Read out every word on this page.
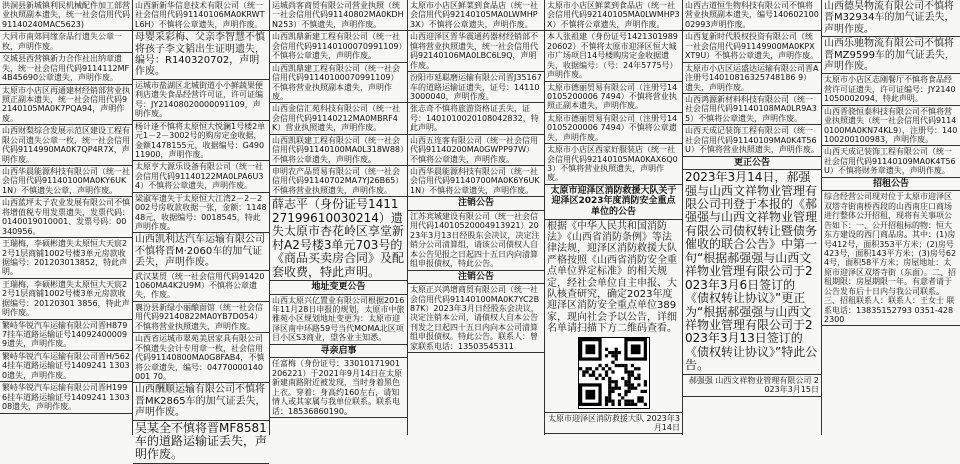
洪洞县新城镇利民机械配件加工部营业执照副本遗失，统一社会信用代码91140240MAC5623)
大同市南郊同缘奈品行遗失公章一枚，声明作废。
交城县西营镇新力合作社出纳章遗失，统一社会信用代码9114112MF4B45690公章遗失，声明作废。
太原市小店区再通建材经销部营业执照正副本遗失，统一社会信用代码92140105MA0K7PQA94，声明作废。
山西财梨综合发展示范区建设工程有限公司遗失公章一枚，统一社会信用代码9114990MA0K7QP4R7X，声明作废。
山西华晨能源科技有限公司（统一社会信用代码91140100MA0KY6UK1N）不慎遗失公章，声明作废。
山西蓝坪太子农业发展有限公司不慎将增值税专用发票遗失，发票代码：0140019010001、发票号码：00340956。
王瑞梅，李硕彬遗失太原恒大天宸22号1层商铺1002号楼3单元房款收据编号：201203013852，特此声明。
王瑞梅，李硕彬遗失太原恒大天宸22号1层商铺1002号楼3单元房款收据编号：20120301 3856，特此声明作废。
繁峙华锐汽车运输有限公司晋H8797挂车道路运输证号140924000099遗失，声明作废。
繁峙华锐汽车运输有限公司晋H/5624挂车道路运输证号1409241 13030遗失，声明作废。
繁峙华锐汽车运输有限公司晋H1996挂车道路运输证号1409241 130308遗失，声明作废。
山西新新华信息技术有限公司（统一社会信用代码91140106MA0KRWTL6H）不慎将公章遗失，声明作废。
母婴采彩梅、父亲李智慧不慎将孩子李文韬出生证明遗失，编号：R140320702，声明作废。
运城市盐湖区北城街道小小鲜蔬果便利店遗失食品经营许可证，许可证编号：JY21408020000091109，声明作废。
杨计逢不慎将太原恒大悦澜1号楼2单元1－2－3002号的购房定金收据，金额1478155元，收据编号：G49011900，声明作废。
太原亨大源乐设备有限公司（统一社会信用代码91140122MA0LPA6U34）不慎将公章遗失，声明作废。
梁淑军遗失于太原恒大江湾2－2－2002号房收款收据一张，金额：114848元，收据编号：0018545，特此声明作废。
山西凯利达汽车运输有限公司不慎将晋M·2060车的加气证丢失，声明作废。
武汉某贸（统一社会信用代码914201060MA4K2U9M）不慎将公章遗失，作废。
襄汾县新绿小丽酿面馆（统一社会信用代码92140822MA0YB7D054）不慎将营业执照遗失，声明作废。
山西省运城市翠苑美居家具有限公司不慎遗失会计专用章一枚，社会信用代码91140800MA0G8FAB4，不慎将公章遗失，编号：04770000140001 70。
山西酬顺运输有限公司不慎将晋MK2865车的加气证丢失，声明作废。
吴某全不慎将晋MF8581车的道路运输证丢失，声明作废。
运城尚客商贸有限公司营业执照（统一社会信用代码91140802MA0KDHN253）不慎遗失，声明作废。
山西凯鼎新建工程有限公司（统一社会信用代码91140100070991109）不慎将公章遗失，声明作废。
山西凯鼎建工程有限公司（统一社会信用代码91140100070991109）不慎将营业执照副本遗失，声明作废。
山西金信汇苑科技有限公司（统一社会信用代码91140212MA0MBRF4K）营业执照遗失，声明作废。
山西凯联建工程有限公司（统一社会信用代码91140100MA0L318W88）不慎将公章遗失，声明作废。
申明农产品贸易有限公司（统一社会信用代码91140702MA7YJ26B65）不慎将营业执照遗失，声明作废。
薛志平（身份证号141127199610030214）遗失太原市杏花岭区享堂新村A2号楼3单元703号的《商品买卖房合同》及配套收费，特此声明。
地址变更公告
山西太原兴亿置业有限公司根据2016年11月28日申报的规划，太原市中旅雅苑小区规划地址变更为：太原市迎泽区南中环路59号当代MOMA北区项目小区S3商业，望各业主知悉。
寻亲启事
任富梅（身份证号：33010171901206221）于2021年9月14日在太原新建南路附近被发现，当时身着黑色上衣。穿着：身高约160左右，请知情人或其家属与我单位联系。联系电话：18536860190。
太原市小店区鲜菜到食品店（统一社会信用代码92140105MA0LWMHP3X）不慎将公章遗失，声明作废。
山西迎泽区晋华震通药器材经销部不慎将营业执照遗失，统一社会信用代码92140106MA0LBC6L9Q，声明作废。
汾阳市延聪磨运输有限公司晋J35167车的道路运输证遗失，证号：141103000040，声明作废。
张志奇不慎将旅游资格证丢失，证号：1401010020108042832，特此声明。
山西五连客有限公司（统一社会信用代码91140200MA0GWPP97W）不慎将公章遗失，声明作废。
山西华晨能源科技有限公司（统一社会信用代码91140700MA0K6Y6UK1N）不慎将公章遗失，声明作废。
注销公告
江苏宾城建设有限公司（统一社会信用代码14010520004913921）2023年3月13日经股东会决议，决定注销分公司清算组，请该公司债权人自本公告见报之日起四十五日内向清算组申报债权，特此公告。
注销公告
太原正兴鸿增商贸有限公司（统一社会信用代码91140100MA0K7YC2B87K）2023年3月日经股东会决议，决定注销本公司，请债权人自本公告刊发之日起四十五日内向本公司清算组申报债权。特此公告。联系人：曾家联系电话：13503545311
太原市小店区鲜菜到食品店（统一社会信用代码92140105MA0LWMHP3X）不慎将公章遗失，声明作废。
本人张祖建（身份证号142130198920602）不慎将太原市迎泽区恒大城市广场项目14号楼购房定金收据遗失，收据编号：（号：24年5775号）声明作废。
太原市德丽贸易有限公司（注册号140105200006 7494）不慎将营业执照正副本遗失，声明作废。
太原市德丽贸易有限公司（注册号140105200006 7494）不慎将公章遗失，声明作废。
太原市小店区西家好服装店（统一社会信用代码92140105MA0KAX6Q03）不慎将营业执照遗失，声明作废。
太原市迎泽区消防救援大队关于迎泽区2023年度消防安全重点单位的公告
根据《中华人民共和国消防法》《山西省消防条例》等法律法规，迎泽区消防救援大队严格按照《山西省消防安全重点单位界定标准》的相关规定，经社会单位自主申报、大队核查研究，确定2023年度迎泽区消防安全重点单位389家，现向社会予以公告，详细名单请扫描下方二维码查看。
太原市迎泽区消防救援大队 2023年3月14日
山西古道恒生物科技有限公司不慎将营业执照副本遗失，编号14060210002993声明作废。
山西复新时代股权投资有限公司（统一社会信用代码91149900MA0KPXXT9U）不慎将公章遗失，声明作废。
太原市小店区运盛达运输有限公司晋A注册号14010816325748186 9）遗失，声明作废。
山西鸿源新材料科技有限公司（统一社会信用代码91140108MA0LR9A35）不慎将公章遗失，声明作废。
山西天成记装饰工程有限公司（统一社会信用代码91140109MA0K4T56U）不慎将营业执照遗失，声明作废。
更正公告
2023年3月14日，郝强强与山西文祥物业管理有限公司刊登于本报的《郝强强与山西文祥物业管理有限公司债权转让暨债务催收的联合公告》中第一句“根据郝强强与山西文祥物业管理有限公司于2023年3月6日签订的《债权转让协议》”更正为“根据郝强强与山西文祥物业管理有限公司于2023年3月13日签订的《债权转让协议》”特此公告。
郝强强 山西文祥物业管理有限公司 2023年3月15日
山西德昊物流有限公司不慎将晋M32934车的加气证丢失，声明作废。
山西乐驰物流有限公司不慎将晋MZ9599车的加气证丢失，声明作废。
太原市小店区志刚餐厅不慎将食品经营许可证遗失，许可证编号：JY21401050002094，特此声明。
山西晋骁恒泰科技有限公司不慎将营业执照遗失（统一社会信用代码91140100MA0KN74KL9），注册号：140100200100983，声明作废。
山西天成记装饰工程有限公司（统一社会信用代码91140109MA0K4T56U）不慎将财务章遗失，声明作废。
招租公告
综合经营公司现对位于太原市迎泽区双塔寺街南桥西段的山西南庄口商场进行整体公开招租，现将有关事项公告如下：一、公开招租标的物：恒大东方建设的西门商品房。其中：(1)房号412号，面积353平方米；(2)房号423号，面积143平方米；(3)房号624号，面积58平方米；房屋地址：太原市迎泽区双塔寺街（东面）。二、招租期限：房屋期限一年。有意者请于公告发布后十日内与我公司联系。三、招租联系人：联系人：王女士 联系电话：13835152793 0351-4282300
